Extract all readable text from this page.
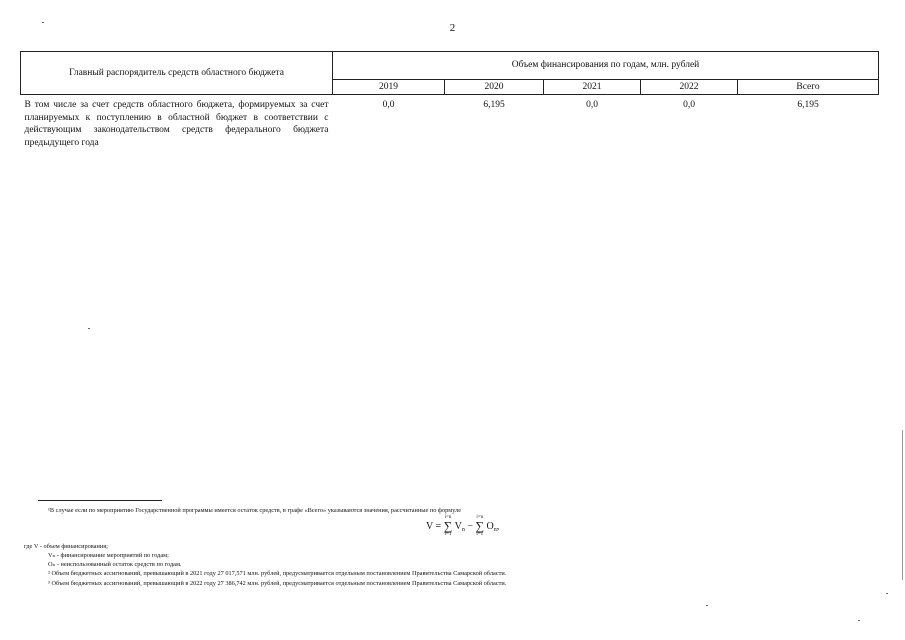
2
Главный распорядитель средств областного бюджета	Объем финансирования по годам, млн. рублей				
	2019	2020	2021	2022	Всего
В том числе за счет средств областного бюджета, формируемых за счет планируемых к поступлению в областной бюджет в соответствии с действующим законодательством средств федерального бюджета предыдущего года	0,0	6,195	0,0	0,0	6,195
¹В случае если по мероприятию Государственной программы имеется остаток средств, в графе «Всего» указываются значения, рассчитанные по формуле
V =
i=n
∑
i=1
$V_n$ −
i=n
∑
i=1
$O_n$,
где V - объем финансирования;
Vₙ - финансирование мероприятий по годам;
Oₙ - неиспользованный остаток средств по годам.
² Объем бюджетных ассигнований, превышающий в 2021 году 27 017,571 млн. рублей, предусматривается отдельным постановлением Правительства Самарской области.
³ Объем бюджетных ассигнований, превышающий в 2022 году 27 386,742 млн. рублей, предусматривается отдельным постановлением Правительства Самарской области.
